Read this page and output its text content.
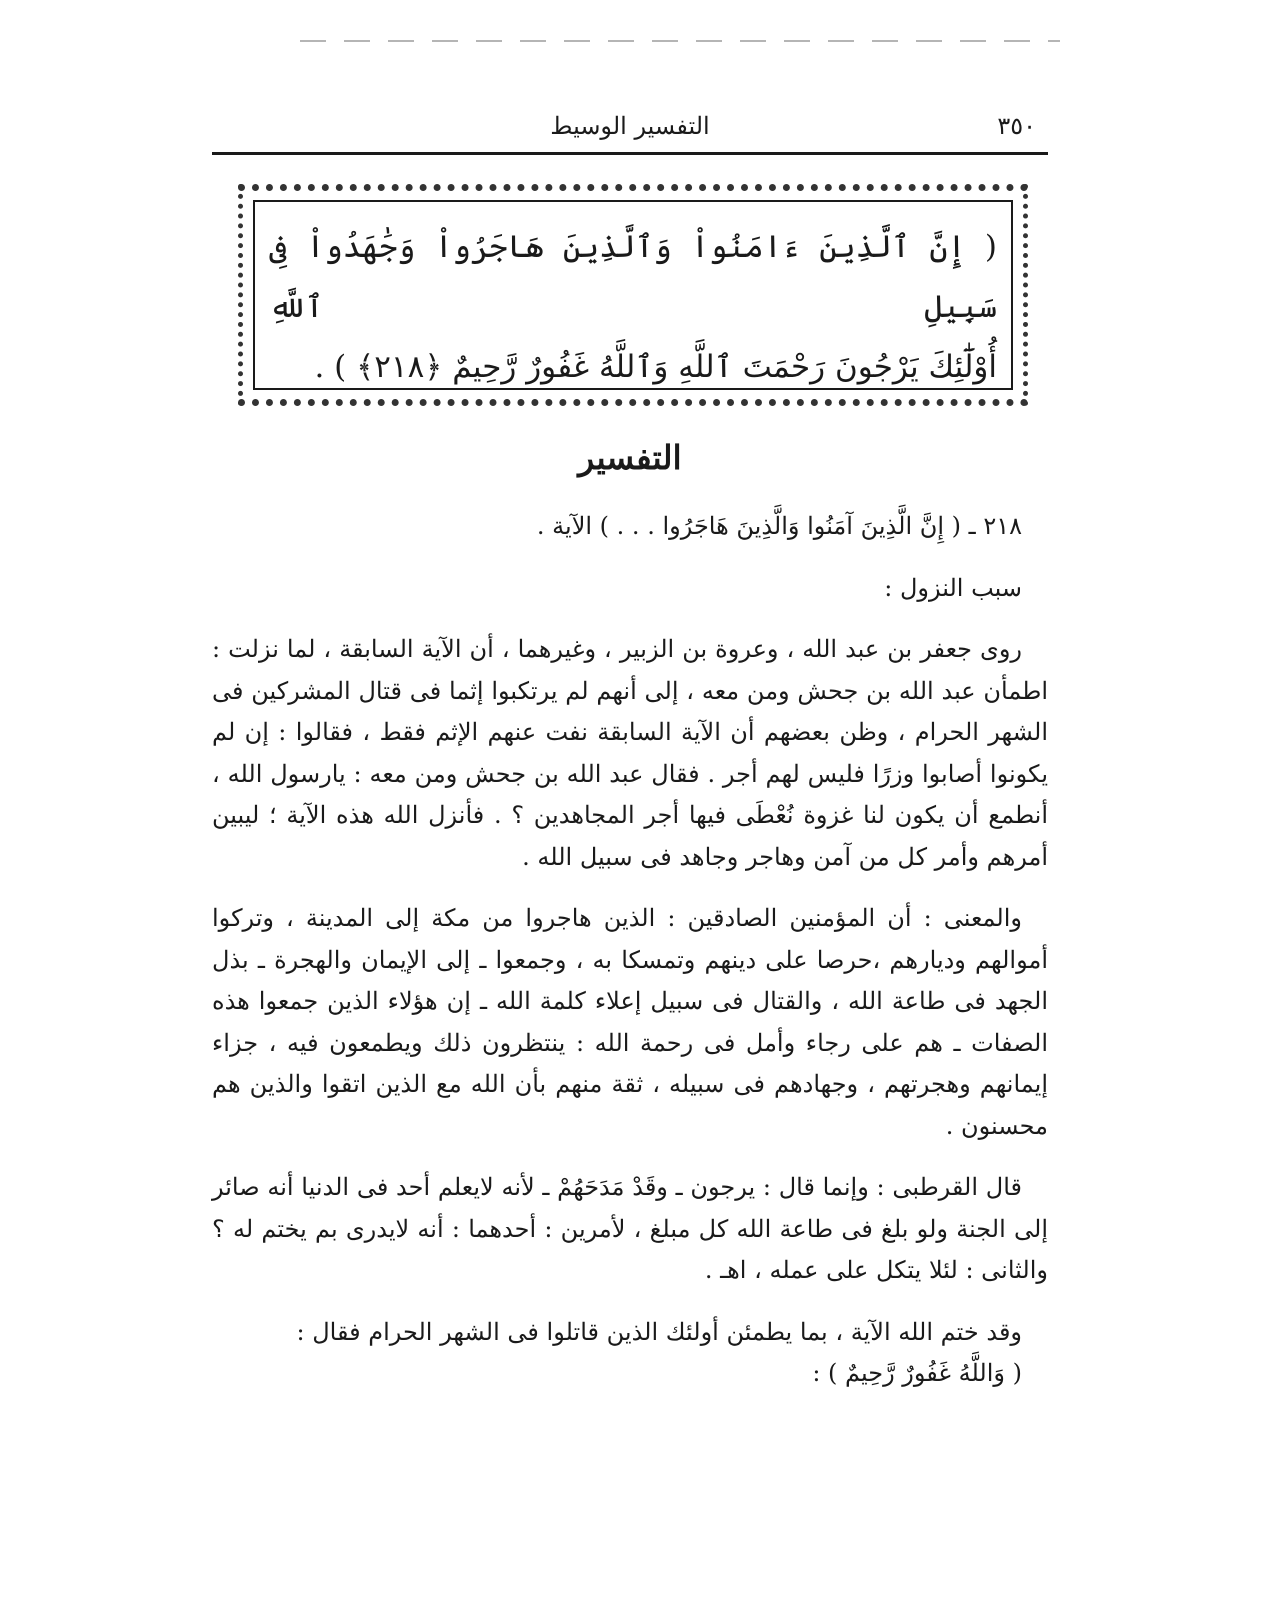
٣٥٠
التفسير الوسيط
( إِنَّ ٱلَّذِينَ ءَامَنُواْ وَٱلَّذِينَ هَاجَرُواْ وَجَٰهَدُواْ فِى سَبِيلِ ٱللَّهِ
أُوْلَٰٓئِكَ يَرْجُونَ رَحْمَتَ ٱللَّهِ وَٱللَّهُ غَفُورٌ رَّحِيمٌ ﴿٢١٨﴾ ) .
التفسير

٢١٨ ـ ( إِنَّ الَّذِينَ آمَنُوا وَالَّذِينَ هَاجَرُوا . . . ) الآية .

سبب النزول :

روى جعفر بن عبد الله ، وعروة بن الزبير ، وغيرهما ، أن الآية السابقة ، لما نزلت : اطمأن عبد الله بن جحش ومن معه ، إلى أنهم لم يرتكبوا إثما فى قتال المشركين فى الشهر الحرام ، وظن بعضهم أن الآية السابقة نفت عنهم الإثم فقط ، فقالوا : إن لم يكونوا أصابوا وزرًا فليس لهم أجر . فقال عبد الله بن جحش ومن معه : يارسول الله ، أنطمع أن يكون لنا غزوة نُعْطَى فيها أجر المجاهدين ؟ . فأنزل الله هذه الآية ؛ ليبين أمرهم وأمر كل من آمن وهاجر وجاهد فى سبيل الله .

والمعنى : أن المؤمنين الصادقين : الذين هاجروا من مكة إلى المدينة ، وتركوا أموالهم وديارهم ،حرصا على دينهم وتمسكا به ، وجمعوا ـ إلى الإيمان والهجرة ـ بذل الجهد فى طاعة الله ، والقتال فى سبيل إعلاء كلمة الله ـ إن هؤلاء الذين جمعوا هذه الصفات ـ هم على رجاء وأمل فى رحمة الله : ينتظرون ذلك ويطمعون فيه ، جزاء إيمانهم وهجرتهم ، وجهادهم فى سبيله ، ثقة منهم بأن الله مع الذين اتقوا والذين هم محسنون .

قال القرطبى : وإنما قال : يرجون ـ وقَدْ مَدَحَهُمْ ـ لأنه لايعلم أحد فى الدنيا أنه صائر إلى الجنة ولو بلغ فى طاعة الله كل مبلغ ، لأمرين : أحدهما : أنه لايدرى بم يختم له ؟ والثانى : لئلا يتكل على عمله ، اهـ .

وقد ختم الله الآية ، بما يطمئن أولئك الذين قاتلوا فى الشهر الحرام فقال :

( وَاللَّهُ غَفُورٌ رَّحِيمٌ ) :
